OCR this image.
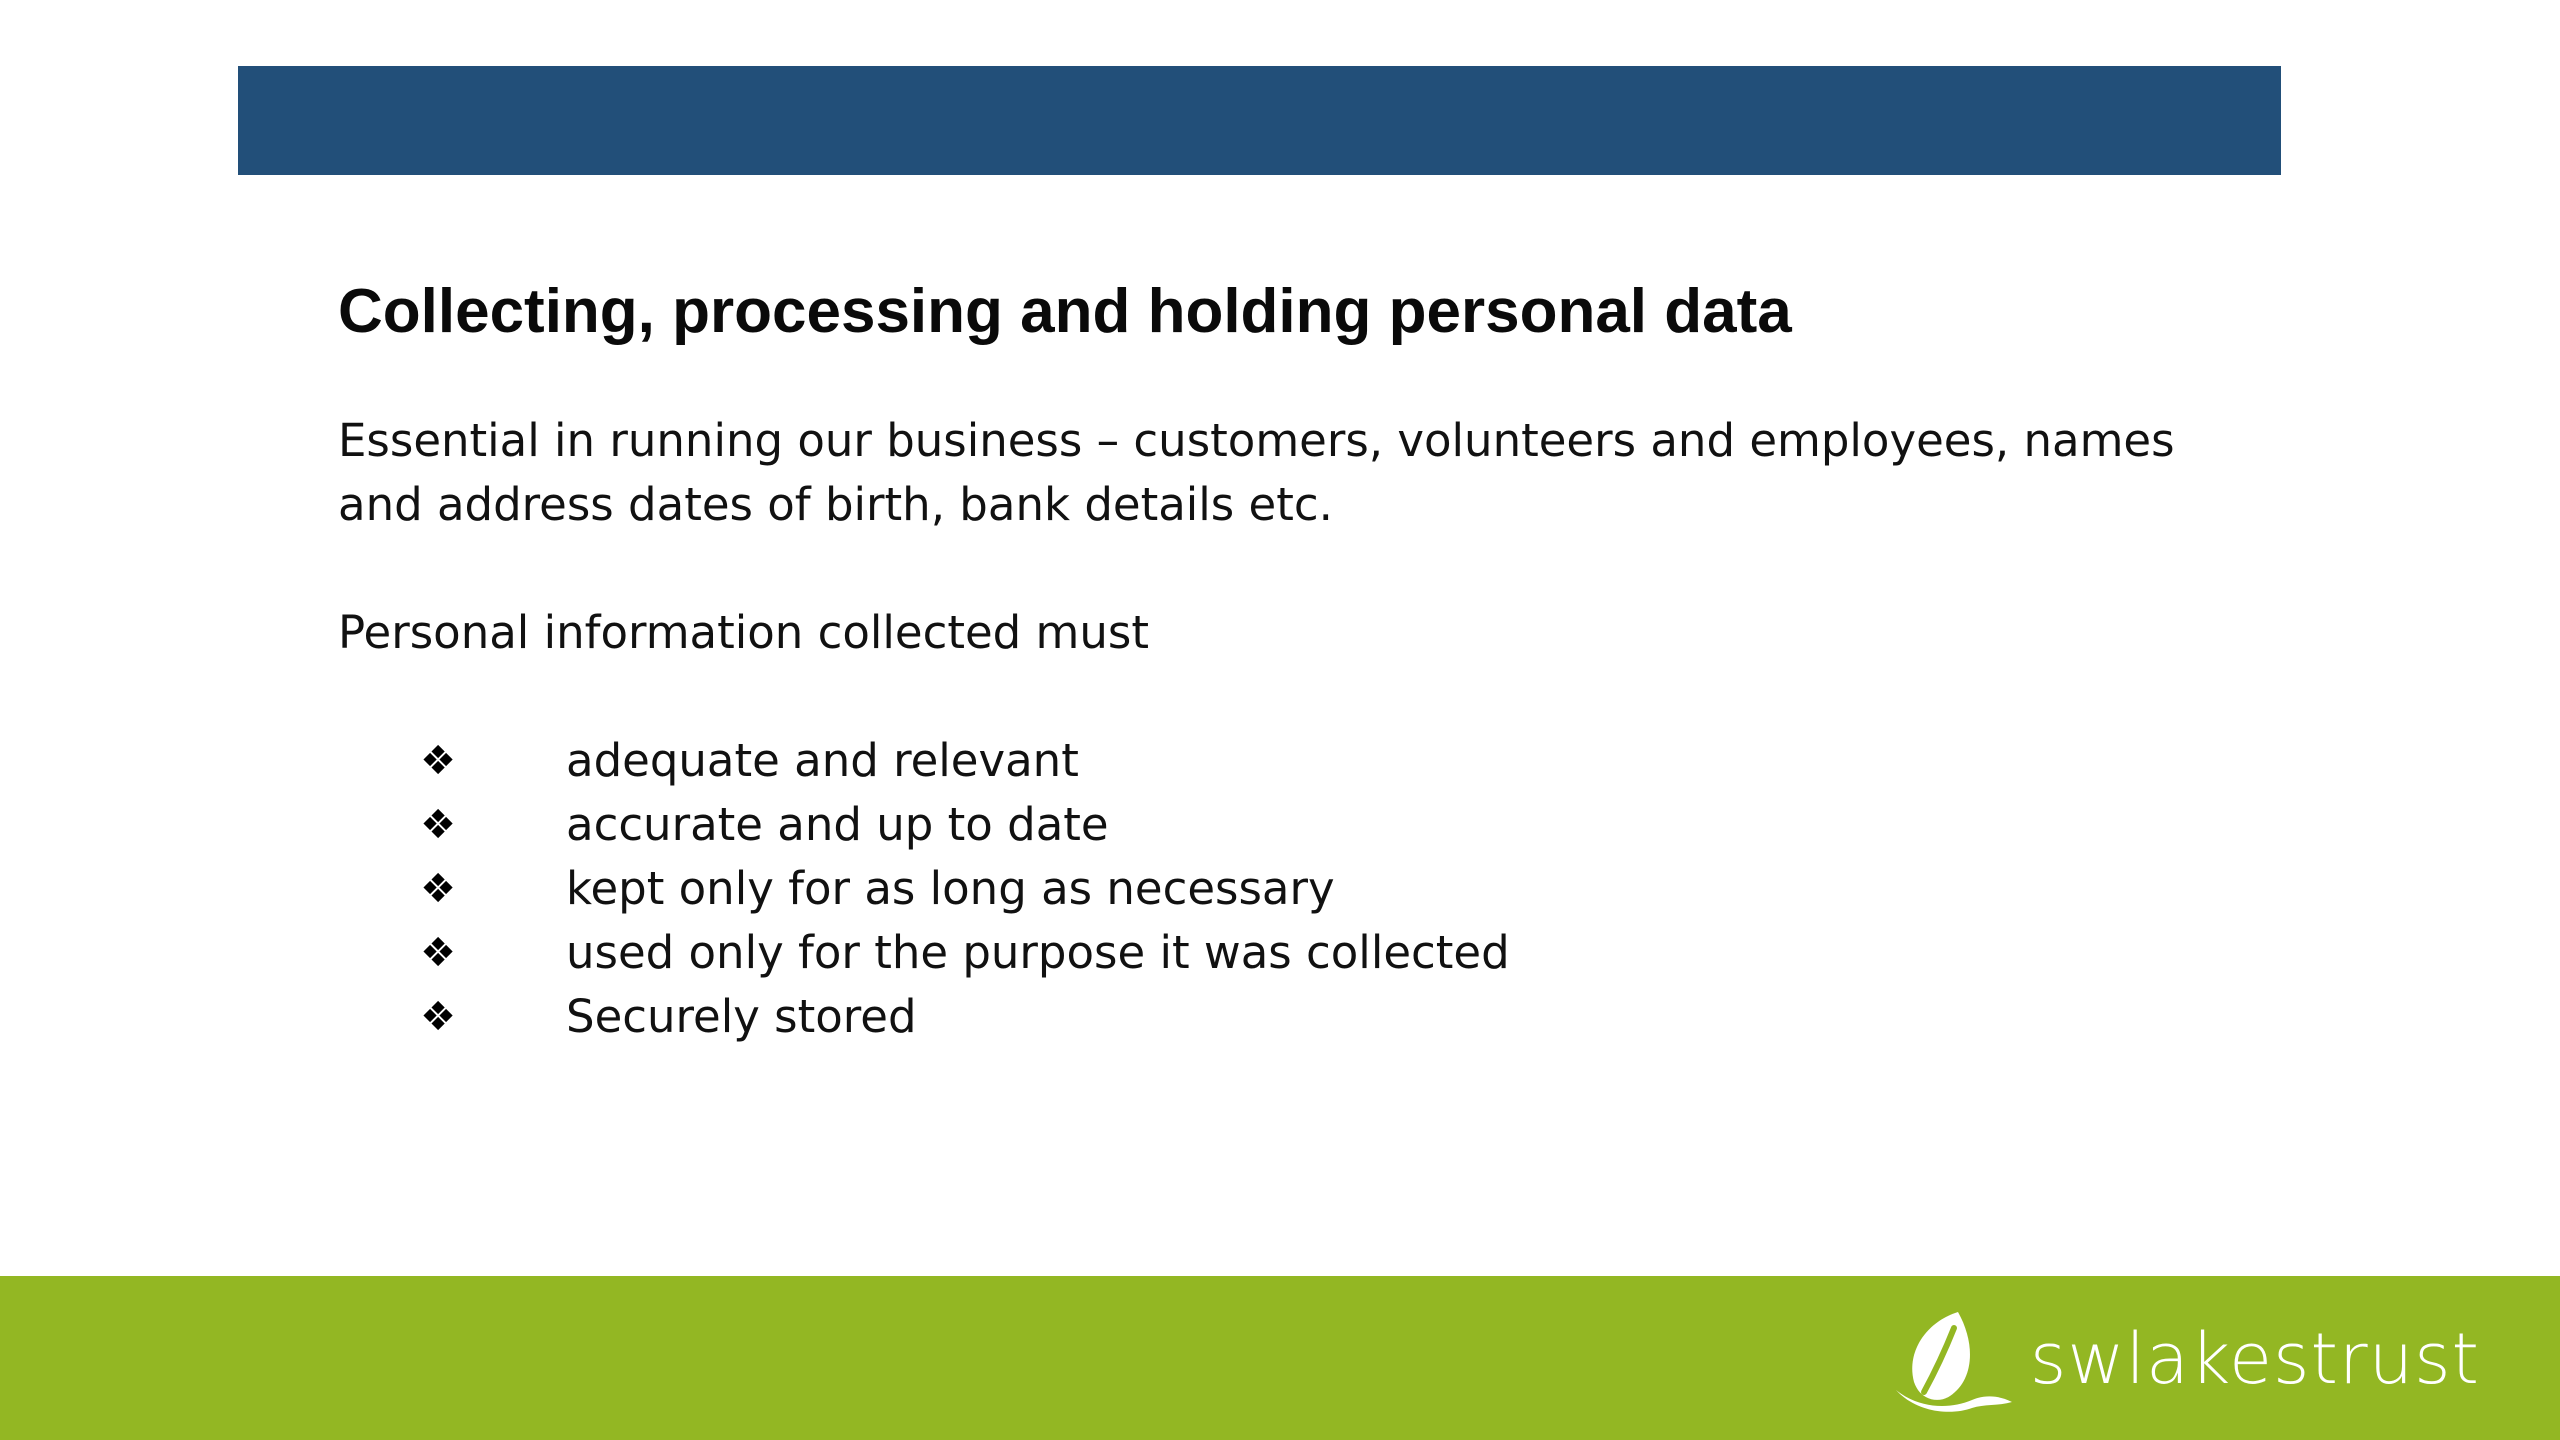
Collecting, processing and holding personal data

Essential in running our business – customers, volunteers and employees, names and address dates of birth, bank details etc.

Personal information collected must

❖ adequate and relevant
❖ accurate and up to date
❖ kept only for as long as necessary
❖ used only for the purpose it was collected
❖ Securely stored
swlakestrust
